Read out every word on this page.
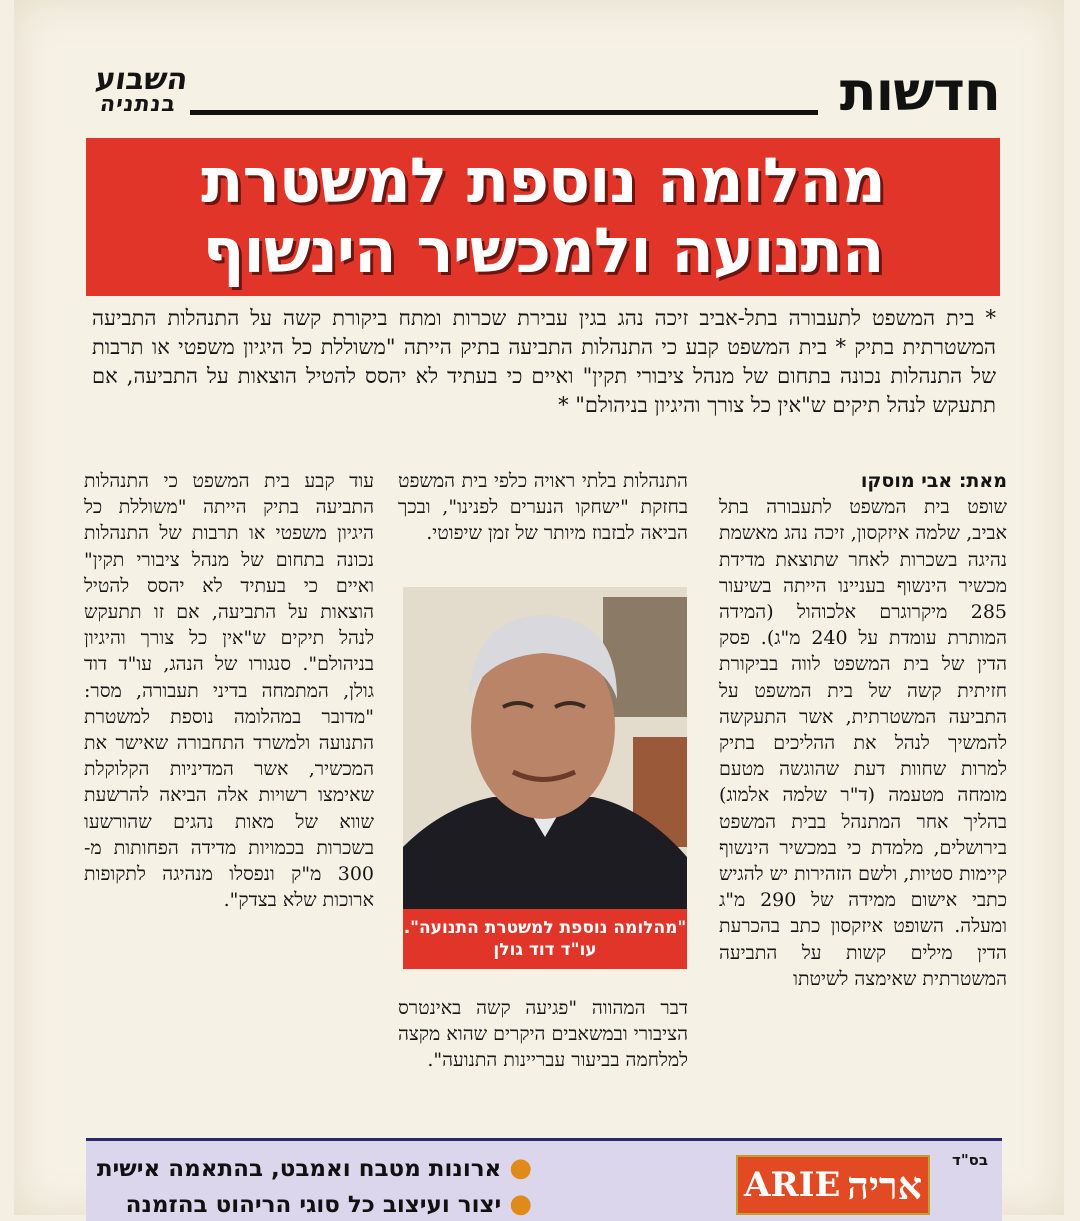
חדשות
השבוע
בנתניה
מהלומה נוספת למשטרת
התנועה ולמכשיר הינשוף
* בית המשפט לתעבורה בתל-אביב זיכה נהג בגין עבירת שכרות ומתח ביקורת קשה על התנהלות התביעה המשטרתית בתיק * בית המשפט קבע כי התנהלות התביעה בתיק הייתה "משוללת כל היגיון משפטי או תרבות של התנהלות נכונה בתחום של מנהל ציבורי תקין" ואיים כי בעתיד לא יהסס להטיל הוצאות על התביעה, אם תתעקש לנהל תיקים ש"אין כל צורך והיגיון בניהולם" *
מאת: אבי מוסקו
שופט בית המשפט לתעבורה בתל אביב, שלמה איזקסון, זיכה נהג מאשמת נהיגה בשכרות לאחר שתוצאת מדידת מכשיר הינשוף בעניינו הייתה בשיעור 285 מיקרוגרם אלכוהול (המידה המותרת עומדת על 240 מ"ג). פסק הדין של בית המשפט לווה בביקורת חזיתית קשה של בית המשפט על התביעה המשטרתית, אשר התעקשה להמשיך לנהל את ההליכים בתיק למרות שחוות דעת שהוגשה מטעם מומחה מטעמה (ד"ר שלמה אלמוג) בהליך אחר המתנהל בבית המשפט בירושלים, מלמדת כי במכשיר הינשוף קיימות סטיות, ולשם הזהירות יש להגיש כתבי אישום ממידה של 290 מ"ג ומעלה. השופט איזקסון כתב בהכרעת הדין מילים קשות על התביעה המשטרתית שאימצה לשיטתו
התנהלות בלתי ראויה כלפי בית המשפט בחזקת "ישחקו הנערים לפנינו", ובכך הביאה לבזבוז מיותר של זמן שיפוטי.
"מהלומה נוספת למשטרת התנועה". עו"ד דוד גולן
דבר המהווה "פגיעה קשה באינטרס הציבורי ובמשאבים היקרים שהוא מקצה למלחמה בביעור עבריינות התנועה".
עוד קבע בית המשפט כי התנהלות התביעה בתיק הייתה "משוללת כל היגיון משפטי או תרבות של התנהלות נכונה בתחום של מנהל ציבורי תקין" ואיים כי בעתיד לא יהסס להטיל הוצאות על התביעה, אם זו תתעקש לנהל תיקים ש"אין כל צורך והיגיון בניהולם". סנגורו של הנהג, עו"ד דוד גולן, המתמחה בדיני תעבורה, מסר: "מדובר במהלומה נוספת למשטרת התנועה ולמשרד התחבורה שאישר את המכשיר, אשר המדיניות הקלוקלת שאימצו רשויות אלה הביאה להרשעת שווא של מאות נהגים שהורשעו בשכרות בכמויות מדידה הפחותות מ- 300 מ"ק ונפסלו מנהיגה לתקופות ארוכות שלא בצדק".
בס"ד
אריה
ARIE
●ארונות מטבח ואמבט, בהתאמה אישית
●יצור ועיצוב כל סוגי הריהוט בהזמנה
